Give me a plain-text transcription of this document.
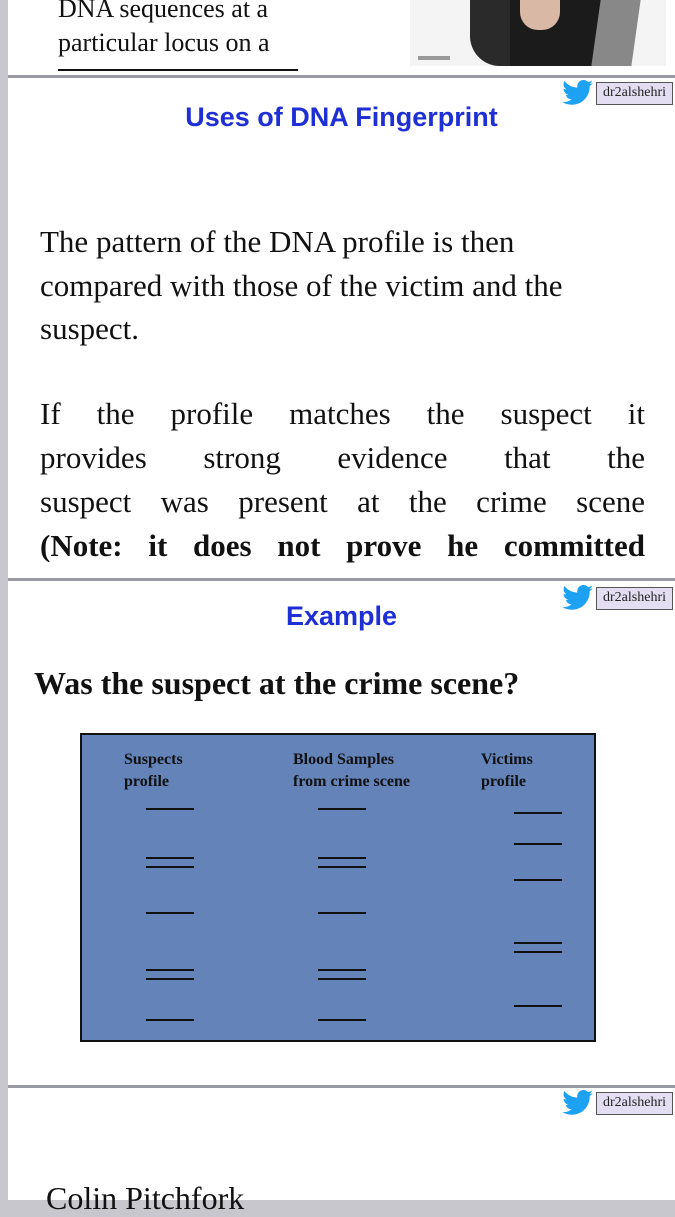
DNA sequences at a
particular locus on a
dr2alshehri
Uses of DNA Fingerprint
The pattern of the DNA profile is then compared with those of the victim and the suspect.
If the profile matches the suspect it
provides strong evidence that the
suspect was present at the crime scene
(Note: it does not prove he committed
dr2alshehri
Example
Was the suspect at the crime scene?
Suspects profile
Blood Samples from crime scene
Victims profile
dr2alshehri
Colin Pitchfork
